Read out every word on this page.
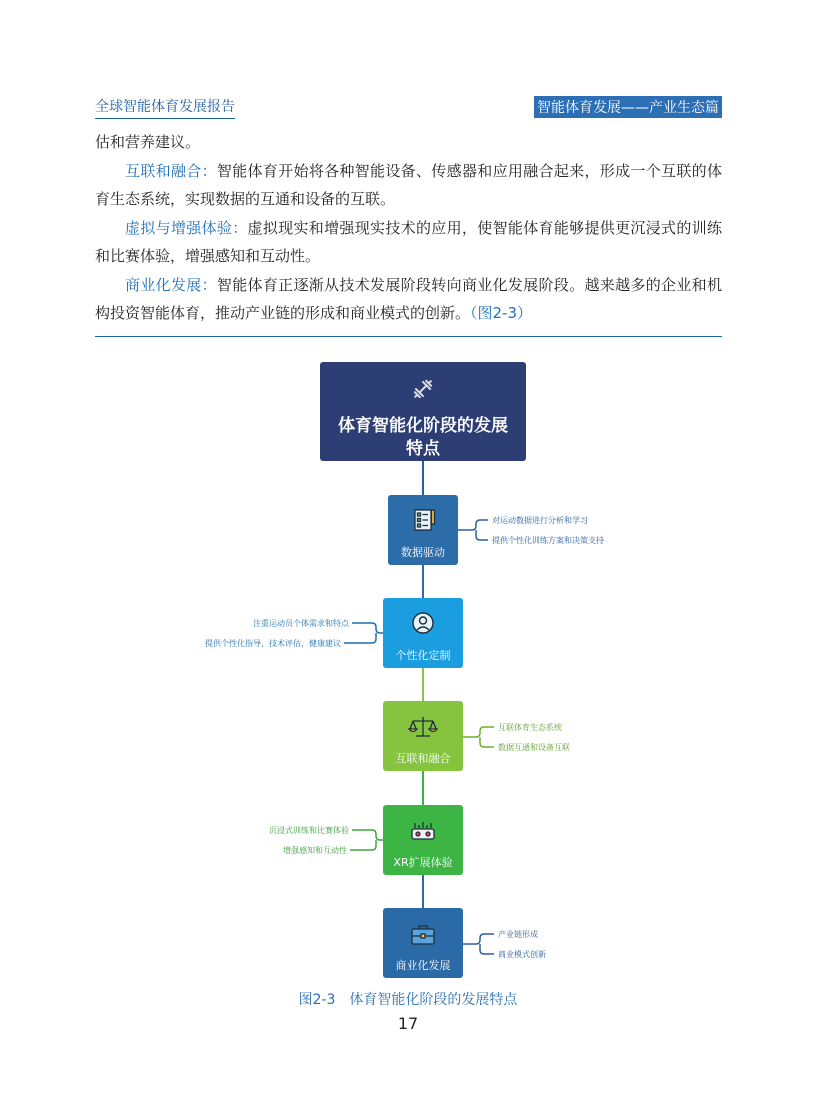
全球智能体育发展报告	智能体育发展——产业生态篇

估和营养建议。

互联和融合：智能体育开始将各种智能设备、传感器和应用融合起来，形成一个互联的体育生态系统，实现数据的互通和设备的互联。

虚拟与增强体验：虚拟现实和增强现实技术的应用，使智能体育能够提供更沉浸式的训练和比赛体验，增强感知和互动性。

商业化发展：智能体育正逐渐从技术发展阶段转向商业化发展阶段。越来越多的企业和机构投资智能体育，推动产业链的形成和商业模式的创新。（图2-3）

体育智能化阶段的发展
特点
数据驱动
对运动数据进行分析和学习
提供个性化训练方案和决策支持
个性化定制
注重运动员个体需求和特点
提供个性化指导，技术评估，健康建议
互联和融合
互联体育生态系统
数据互通和设备互联
XR扩展体验
沉浸式训练和比赛体验
增强感知和互动性
商业化发展
产业链形成
商业模式创新
图2-3　体育智能化阶段的发展特点
17
